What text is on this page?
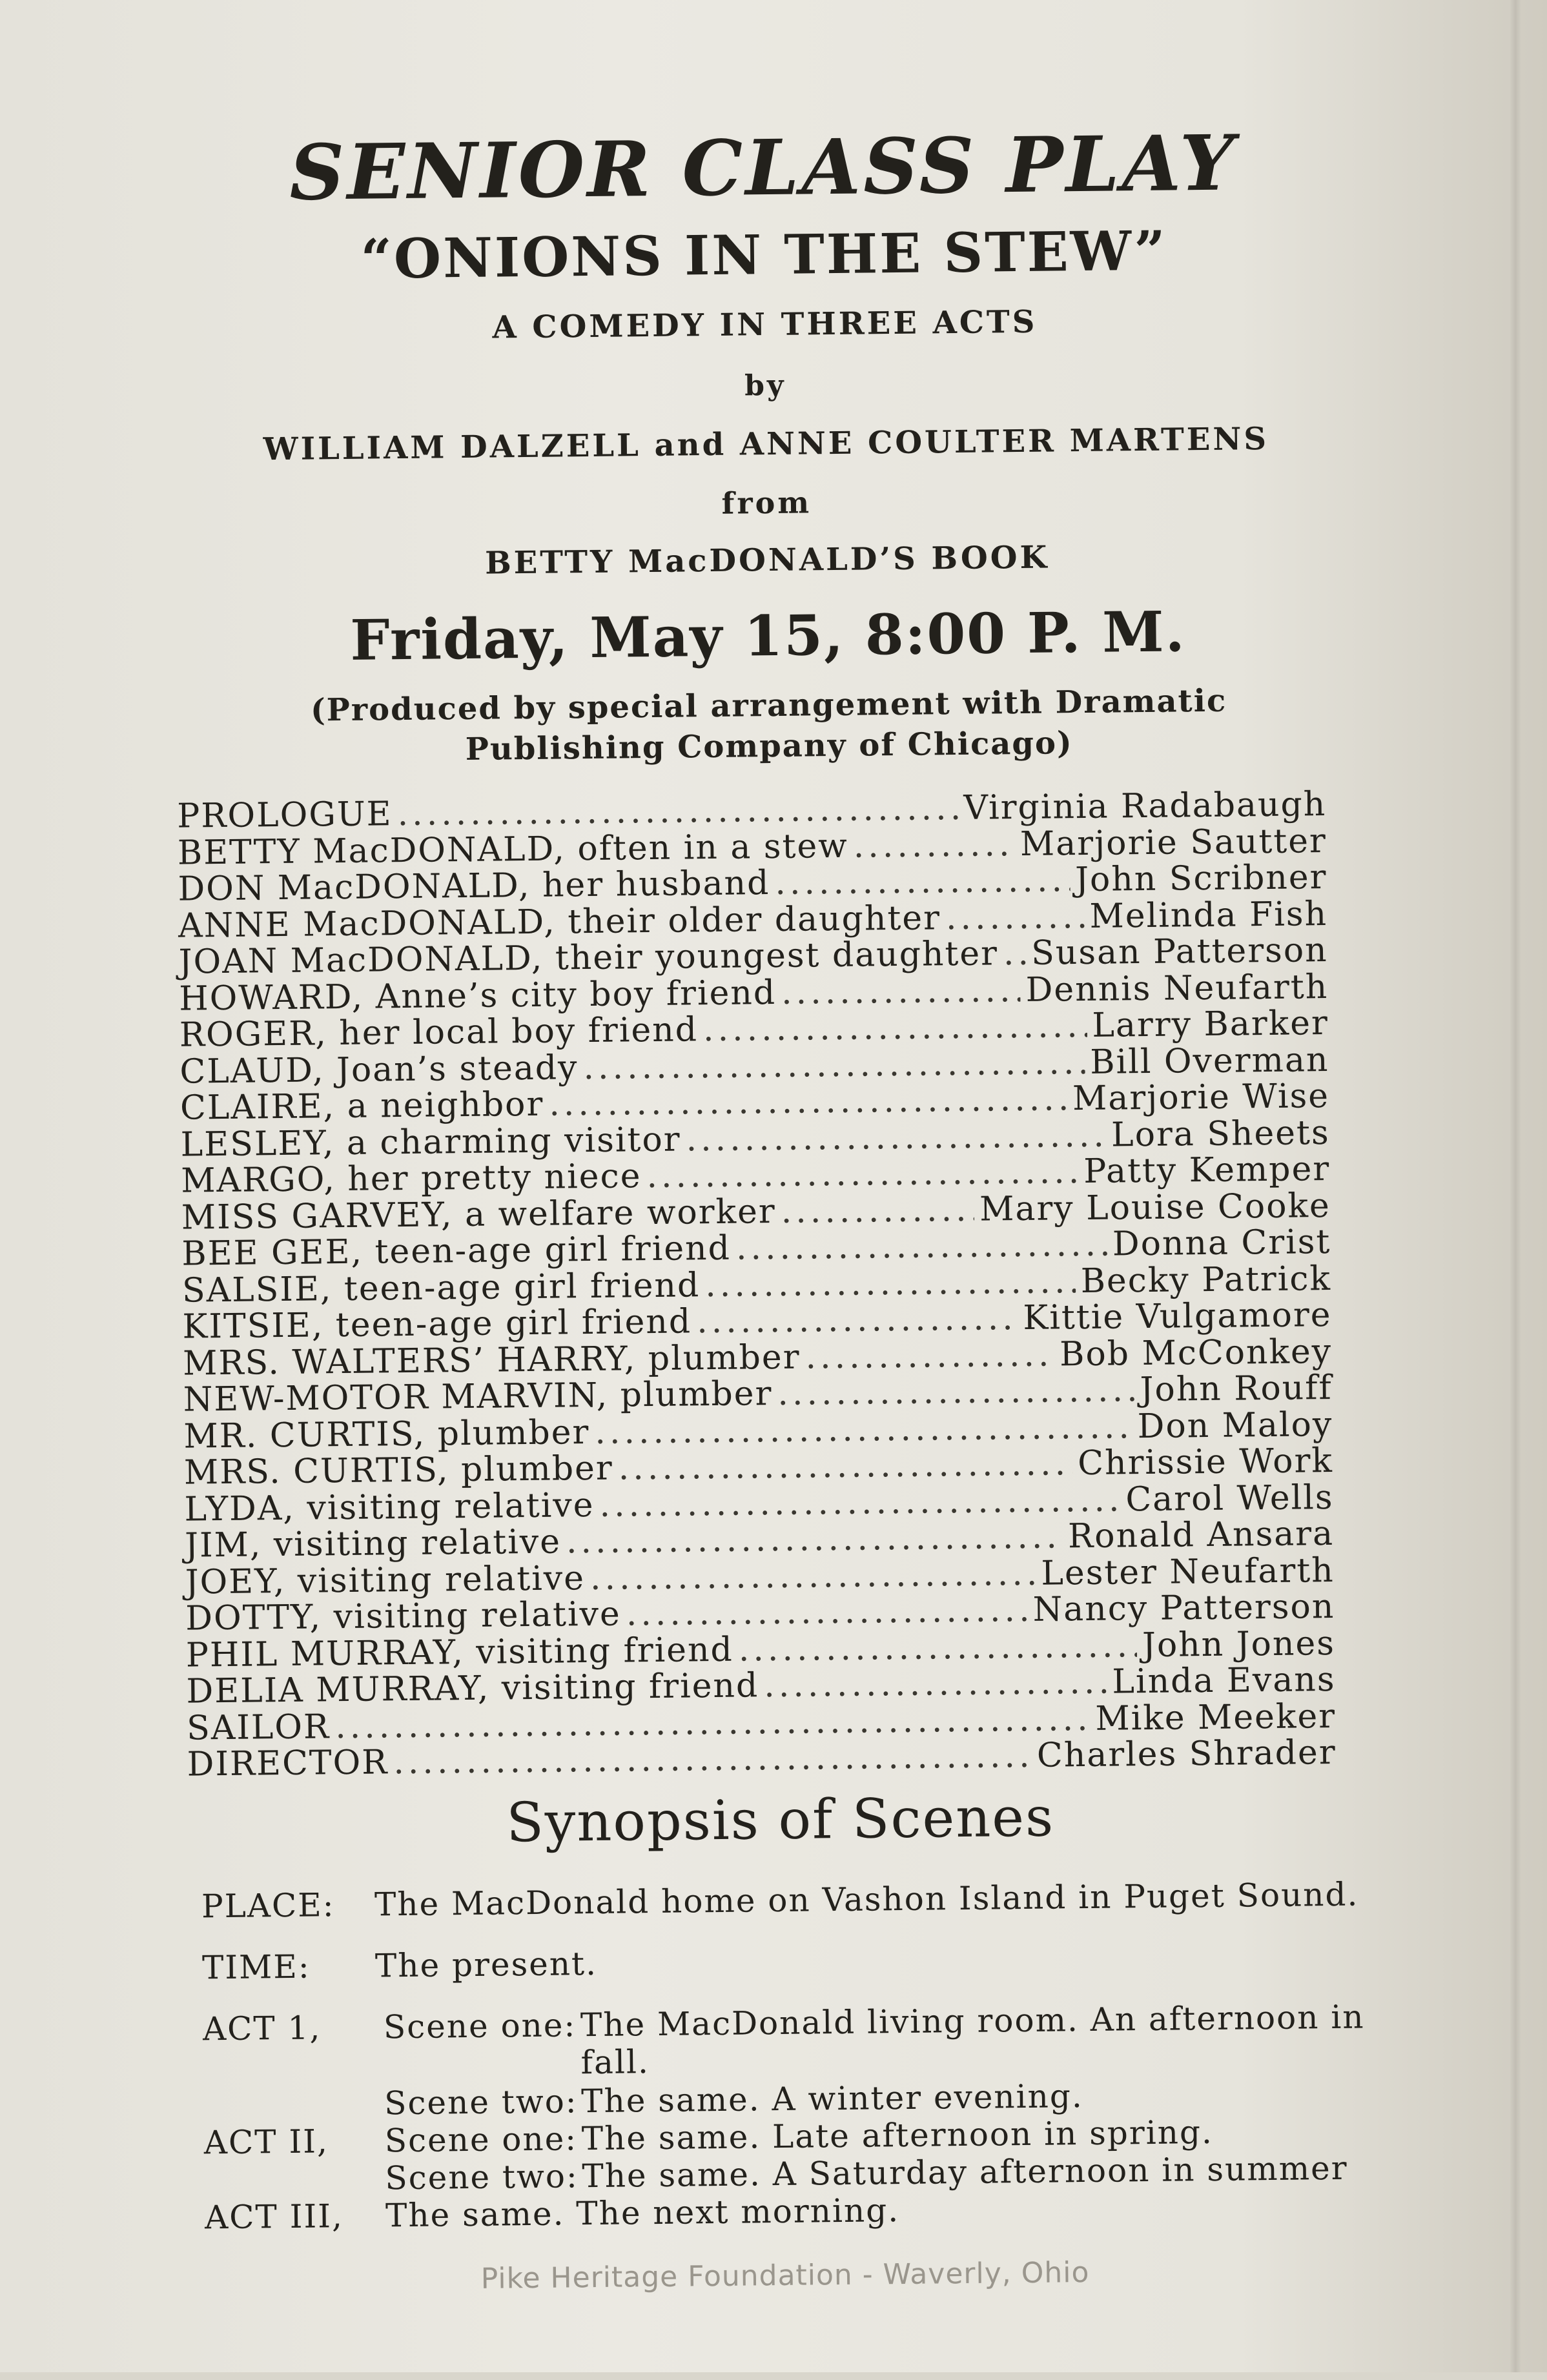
SENIOR CLASS PLAY
“ONIONS IN THE STEW”
A COMEDY IN THREE ACTS
by
WILLIAM DALZELL and ANNE COULTER MARTENS
from
BETTY MacDONALD’S BOOK
Friday, May 15, 8:00 P. M.
(Produced by special arrangement with Dramatic
Publishing Company of Chicago)
PROLOGUE .....	Virginia Radabaugh
BETTY MacDONALD, often in a stew .....	Marjorie Sautter
DON MacDONALD, her husband .....	John Scribner
ANNE MacDONALD, their older daughter .....	Melinda Fish
JOAN MacDONALD, their youngest daughter ..... Susan Patterson
HOWARD, Anne’s city boy friend .....	Dennis Neufarth
ROGER, her local boy friend .....	Larry Barker
CLAUD, Joan’s steady .....	Bill Overman
CLAIRE, a neighbor .....	Marjorie Wise
LESLEY, a charming visitor .....	Lora Sheets
MARGO, her pretty niece .....	Patty Kemper
MISS GARVEY, a welfare worker .....	Mary Louise Cooke
BEE GEE, teen-age girl friend .....	Donna Crist
SALSIE, teen-age girl friend .....	Becky Patrick
KITSIE, teen-age girl friend .....	Kittie Vulgamore
MRS. WALTERS’ HARRY, plumber .....	Bob McConkey
NEW-MOTOR MARVIN, plumber .....	John Rouff
MR. CURTIS, plumber .....	Don Maloy
MRS. CURTIS, plumber .....	Chrissie Work
LYDA, visiting relative .....	Carol Wells
JIM, visiting relative .....	Ronald Ansara
JOEY, visiting relative .....	Lester Neufarth
DOTTY, visiting relative .....	Nancy Patterson
PHIL MURRAY, visiting friend .....	John Jones
DELIA MURRAY, visiting friend .....	Linda Evans
SAILOR .....	Mike Meeker
DIRECTOR .....	Charles Shrader
Synopsis of Scenes
PLACE: The MacDonald home on Vashon Island in Puget Sound.
TIME: The present.
ACT 1, Scene one: The MacDonald living room. An afternoon in fall.
Scene two: The same. A winter evening.
ACT II, Scene one: The same. Late afternoon in spring.
Scene two: The same. A Saturday afternoon in summer
ACT III, The same. The next morning.
Pike Heritage Foundation - Waverly, Ohio
